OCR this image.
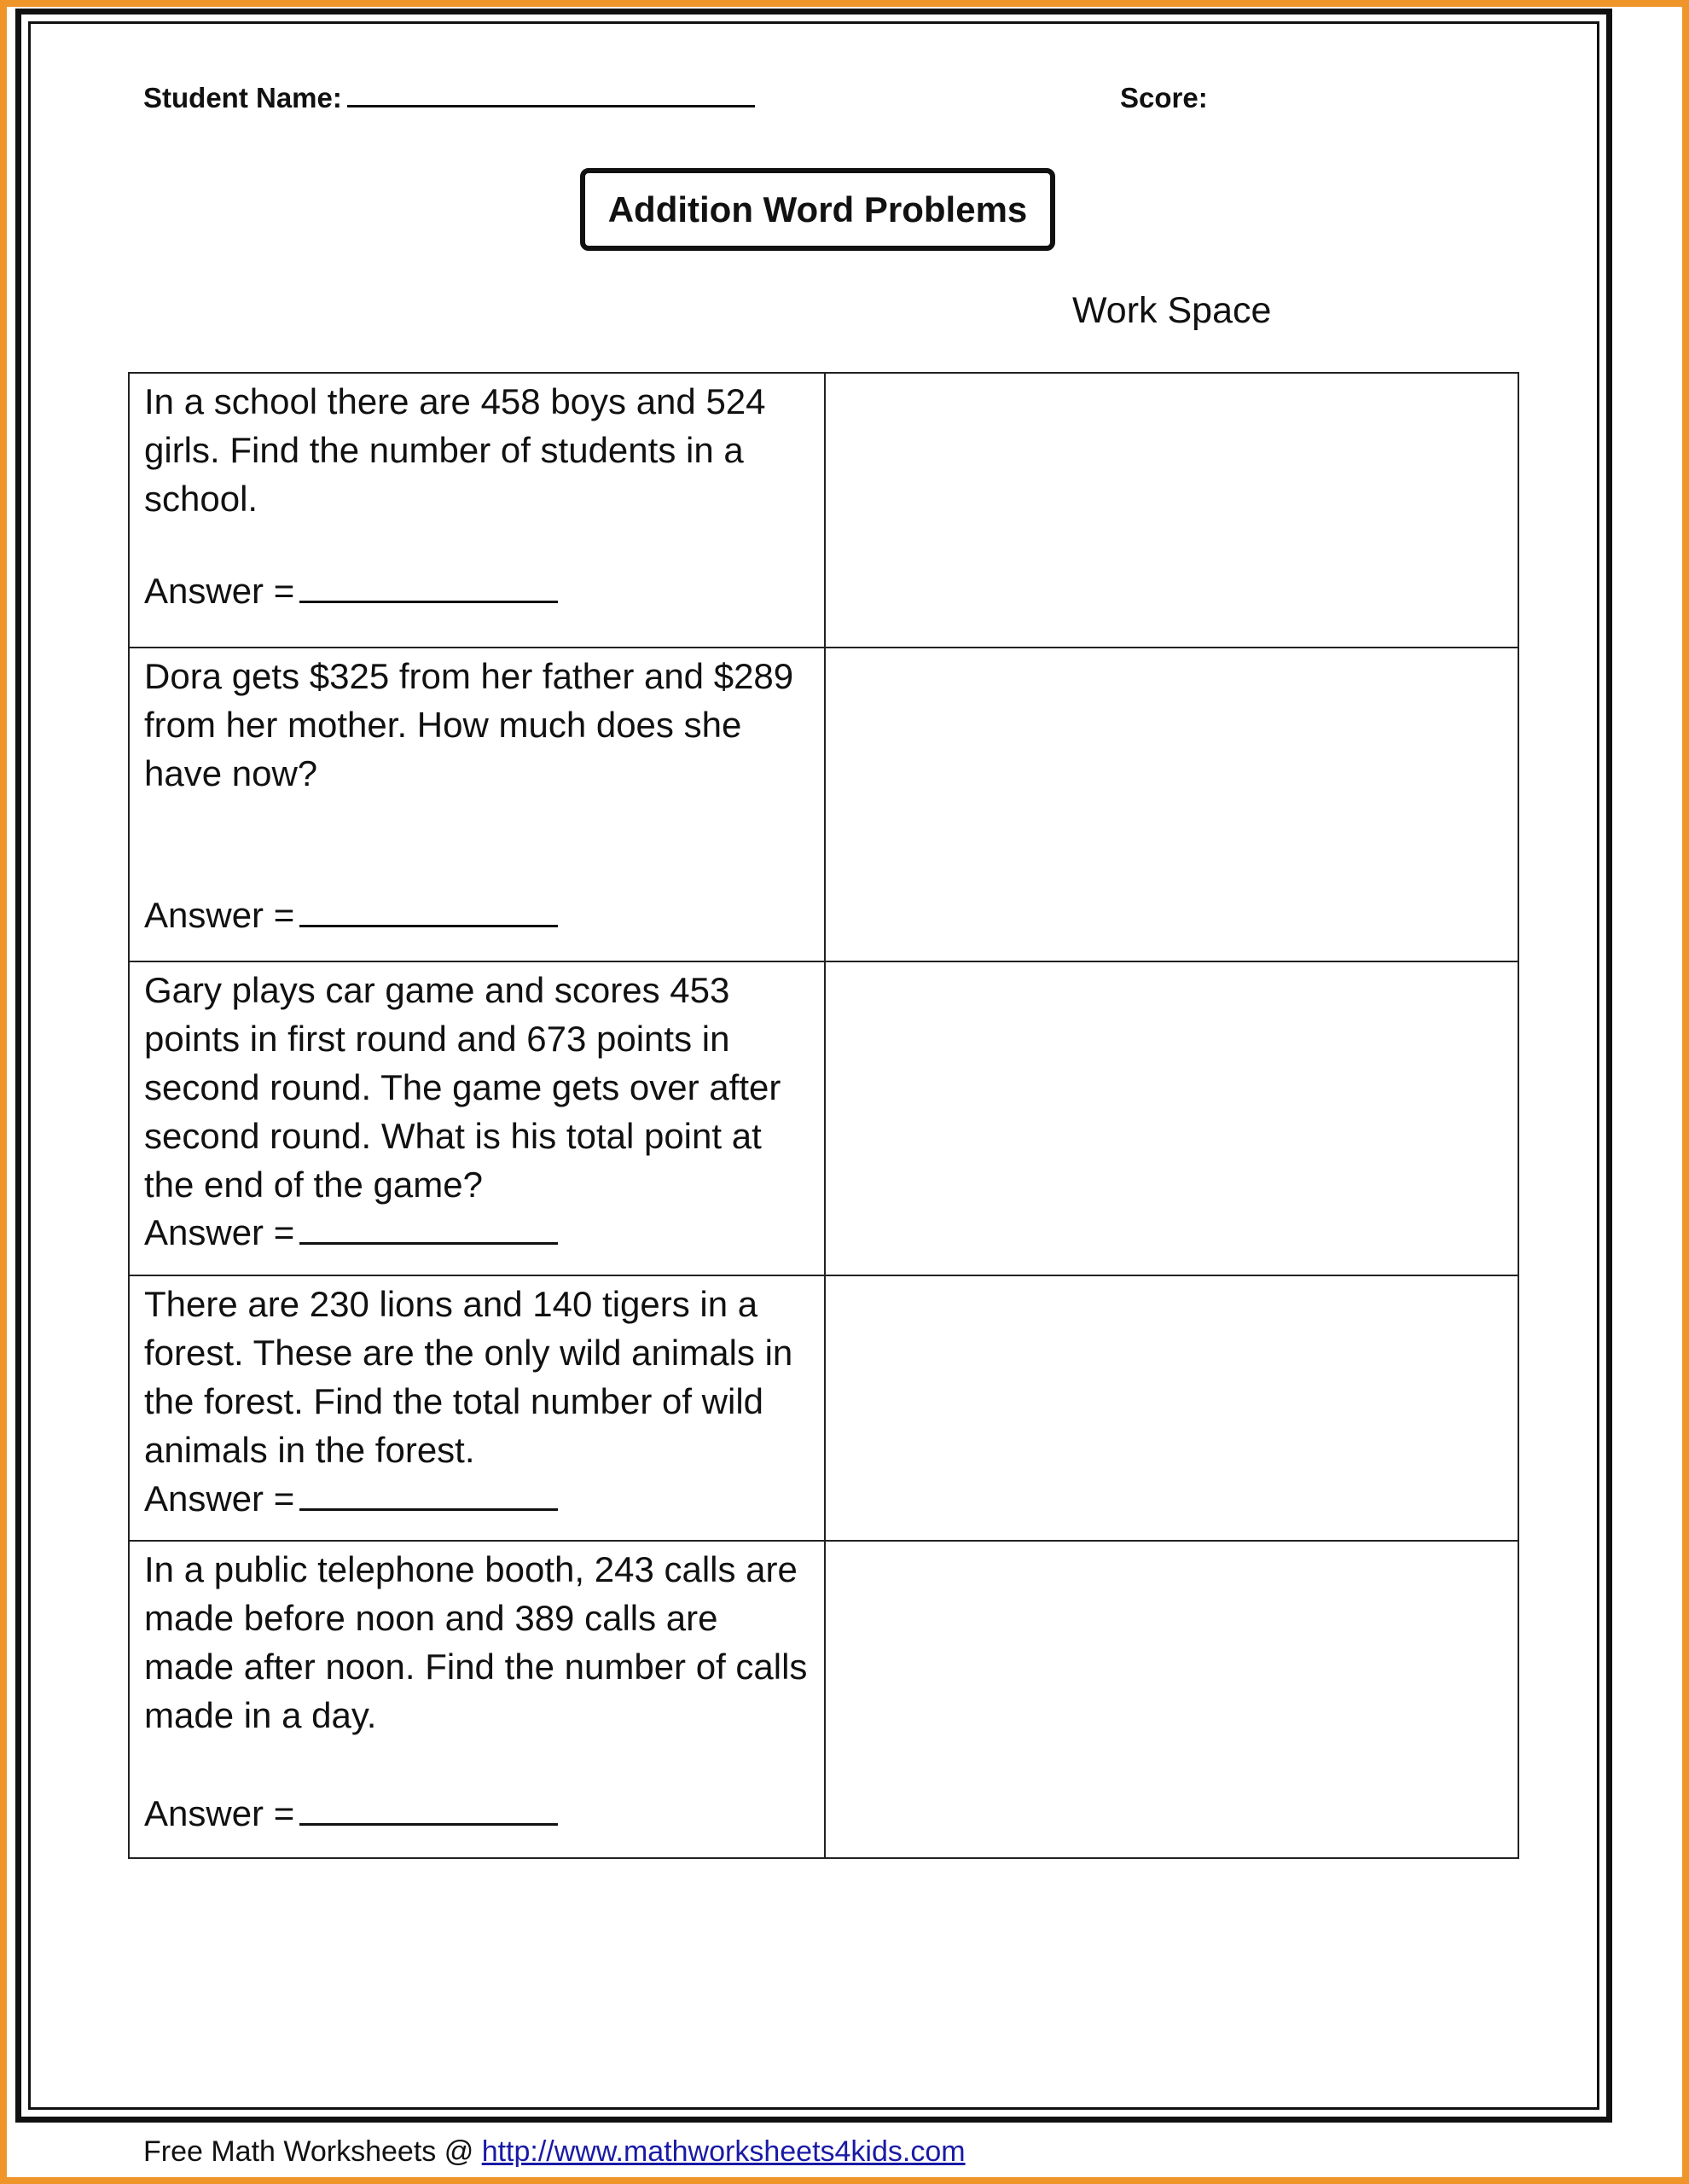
Student Name:	Score:
Addition Word Problems
Work Space
In a school there are 458 boys and 524 girls. Find the number of students in a school.
Answer =	

Dora gets $325 from her father and $289 from her mother. How much does she have now?
Answer =	

Gary plays car game and scores 453 points in first round and 673 points in second round. The game gets over after second round. What is his total point at the end of the game?
Answer =	

There are 230 lions and 140 tigers in a forest. These are the only wild animals in the forest. Find the total number of wild animals in the forest.
Answer =	

In a public telephone booth, 243 calls are made before noon and 389 calls are made after noon. Find the number of calls made in a day.
Answer =	

Free Math Worksheets @ http://www.mathworksheets4kids.com
